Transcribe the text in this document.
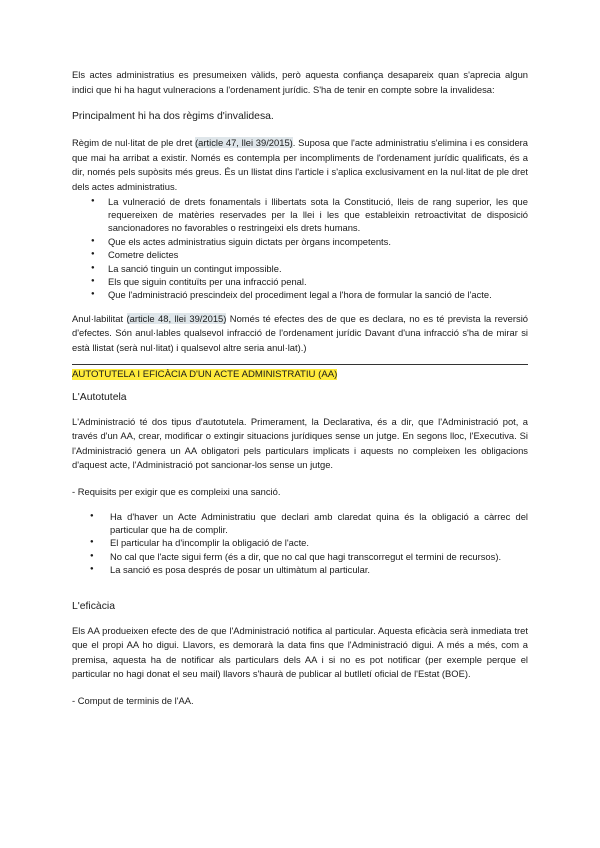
Els actes administratius es presumeixen vàlids, però aquesta confiança desapareix quan s'aprecia algun indici que hi ha hagut vulneracions a l'ordenament jurídic. S'ha de tenir en compte sobre la invalidesa:

Principalment hi ha dos règims d'invalidesa.

Règim de nul·litat de ple dret (article 47, llei 39/2015). Suposa que l'acte administratiu s'elimina i es considera que mai ha arribat a existir. Només es contempla per incompliments de l'ordenament jurídic qualificats, és a dir, només pels supòsits més greus. És un llistat dins l'article i s'aplica exclusivament en la nul·litat de ple dret dels actes administratius.

● La vulneració de drets fonamentals i llibertats sota la Constitució, lleis de rang superior, les que requereixen de matèries reservades per la llei i les que estableixin retroactivitat de disposició sancionadores no favorables o restringeixi els drets humans.
● Que els actes administratius siguin dictats per òrgans incompetents.
● Cometre delictes
● La sanció tinguin un contingut impossible.
● Els que siguin contituïts per una infracció penal.
● Que l'administració prescindeix del procediment legal a l'hora de formular la sanció de l'acte.

Anul·labilitat (article 48, llei 39/2015) Només té efectes des de que es declara, no es té prevista la reversió d'efectes. Són anul·lables qualsevol infracció de l'ordenament jurídic Davant d'una infracció s'ha de mirar si està llistat (serà nul·litat) i qualsevol altre seria anul·lat).)

AUTOTUTELA I EFICÀCIA D'UN ACTE ADMINISTRATIU (AA)

L'Autotutela

L'Administració té dos tipus d'autotutela. Primerament, la Declarativa, és a dir, que l'Administració pot, a través d'un AA, crear, modificar o extingir situacions jurídiques sense un jutge. En segons lloc, l'Executiva. Si l'Administració genera un AA obligatori pels particulars implicats i aquests no compleixen les obligacions d'aquest acte, l'Administració pot sancionar-los sense un jutge.

- Requisits per exigir que es compleixi una sanció.

● Ha d'haver un Acte Administratiu que declari amb claredat quina és la obligació a càrrec del particular que ha de complir.
● El particular ha d'incomplir la obligació de l'acte.
● No cal que l'acte sigui ferm (és a dir, que no cal que hagi transcorregut el termini de recursos).
● La sanció es posa després de posar un ultimàtum al particular.

L'eficàcia

Els AA produeixen efecte des de que l'Administració notifica al particular. Aquesta eficàcia serà inmediata tret que el propi AA ho digui. Llavors, es demorarà la data fins que l'Administració digui. A més a més, com a premisa, aquesta ha de notificar als particulars dels AA i si no es pot notificar (per exemple perque el particular no hagi donat el seu mail) llavors s'haurà de publicar al butlletí oficial de l'Estat (BOE).

- Comput de terminis de l'AA.
